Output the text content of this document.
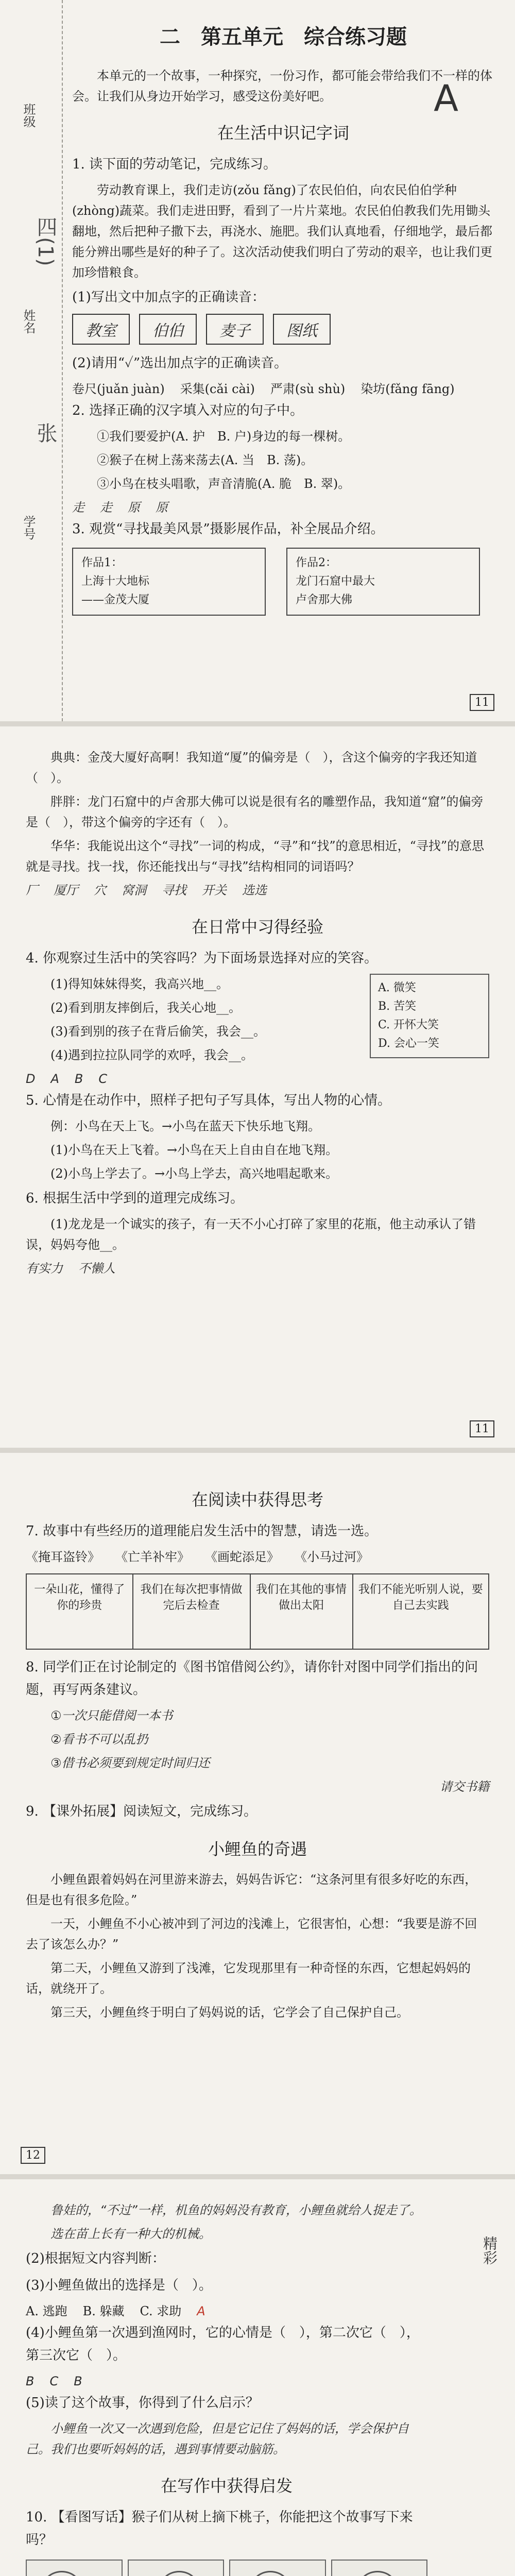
班级
姓名
学号
四(1)
张
A
二　第五单元　综合练习题
本单元的一个故事，一种探究，一份习作，都可能会带给我们不一样的体会。让我们从身边开始学习，感受这份美好吧。
在生活中识记字词
1. 读下面的劳动笔记，完成练习。
劳动教育课上，我们走访(zǒu fǎng)了农民伯伯，向农民伯伯学种(zhòng)蔬菜。我们走进田野，看到了一片片菜地。农民伯伯教我们先用锄头翻地，然后把种子撒下去，再浇水、施肥。我们认真地看，仔细地学，最后都能分辨出哪些是好的种子了。这次活动使我们明白了劳动的艰辛，也让我们更加珍惜粮食。
(1)写出文中加点字的正确读音：
教室	伯伯	麦子	图纸
(2)请用“✓”选出加点字的正确读音。
卷尺(juǎn juàn) 采集(cǎi cài) 严肃(sù shù) 染坊(fǎng fāng)
2. 选择正确的汉字填入对应的句子中。
①我们要爱护(A. 护　B. 户)身边的每一棵树。
②猴子在树上荡来荡去(A. 当　B. 荡)。
③小鸟在枝头唱歌，声音清脆(A. 脆　B. 翠)。
走 走 原 原
3. 观赏“寻找最美风景”摄影展作品，补全展品介绍。
作品1：
上海十大地标
——金茂大厦
作品2：
龙门石窟中最大
卢舍那大佛
11
典典：金茂大厦好高啊！我知道“厦”的偏旁是（　），含这个偏旁的字我还知道（　）。
胖胖：龙门石窟中的卢舍那大佛可以说是很有名的雕塑作品，我知道“窟”的偏旁是（　），带这个偏旁的字还有（　）。
华华：我能说出这个“寻找”一词的构成，“寻”和“找”的意思相近，“寻找”的意思就是寻找。找一找，你还能找出与“寻找”结构相同的词语吗？
厂 厦厅 穴 窝洞 寻找 开关 选选
在日常中习得经验
4. 你观察过生活中的笑容吗？为下面场景选择对应的笑容。
A. 微笑
B. 苦笑
C. 开怀大笑
D. 会心一笑
(1)得知妹妹得奖，我高兴地__。
(2)看到朋友摔倒后，我关心地__。
(3)看到别的孩子在背后偷笑，我会__。
(4)遇到拉拉队同学的欢呼，我会__。
D A B C
5. 心情是在动作中，照样子把句子写具体，写出人物的心情。
例：小鸟在天上飞。→小鸟在蓝天下快乐地飞翔。
(1)小鸟在天上飞着。→小鸟在天上自由自在地飞翔。
(2)小鸟上学去了。→小鸟上学去，高兴地唱起歌来。
6. 根据生活中学到的道理完成练习。
(1)龙龙是一个诚实的孩子，有一天不小心打碎了家里的花瓶，他主动承认了错误，妈妈夸他__。
有实力 不懒人
11
在阅读中获得思考
7. 故事中有些经历的道理能启发生活中的智慧，请选一选。
《掩耳盗铃》 《亡羊补牢》 《画蛇添足》 《小马过河》
一朵山花，懂得了你的珍贵	我们在每次把事情做完后去检查	我们在其他的事情做出太阳	我们不能光听别人说，要自己去实践
8. 同学们正在讨论制定的《图书馆借阅公约》，请你针对图中同学们指出的问题，再写两条建议。
①一次只能借阅一本书
②看书不可以乱扔
③借书必须要到规定时间归还
请交书籍
9. 【课外拓展】阅读短文，完成练习。
小鲤鱼的奇遇
小鲤鱼跟着妈妈在河里游来游去，妈妈告诉它：“这条河里有很多好吃的东西，但是也有很多危险。”
一天，小鲤鱼不小心被冲到了河边的浅滩上，它很害怕，心想：“我要是游不回去了该怎么办？”
第二天，小鲤鱼又游到了浅滩，它发现那里有一种奇怪的东西，它想起妈妈的话，就绕开了。
第三天，小鲤鱼终于明白了妈妈说的话，它学会了自己保护自己。
12
精彩
鲁娃的，“不过”一样，机鱼的妈妈没有教育，小鲤鱼就给人捉走了。
选在苗上长有一种大的机械。
(2)根据短文内容判断：
(3)小鲤鱼做出的选择是（　）。
A. 逃跑 B. 躲藏 C. 求助 A
(4)小鲤鱼第一次遇到渔网时，它的心情是（　），第二次它（　），第三次它（　）。
B C B
(5)读了这个故事，你得到了什么启示？
小鲤鱼一次又一次遇到危险，但是它记住了妈妈的话，学会保护自己。我们也要听妈妈的话，遇到事情要动脑筋。
在写作中获得启发
10. 【看图写话】猴子们从树上摘下桃子，你能把这个故事写下来吗？
